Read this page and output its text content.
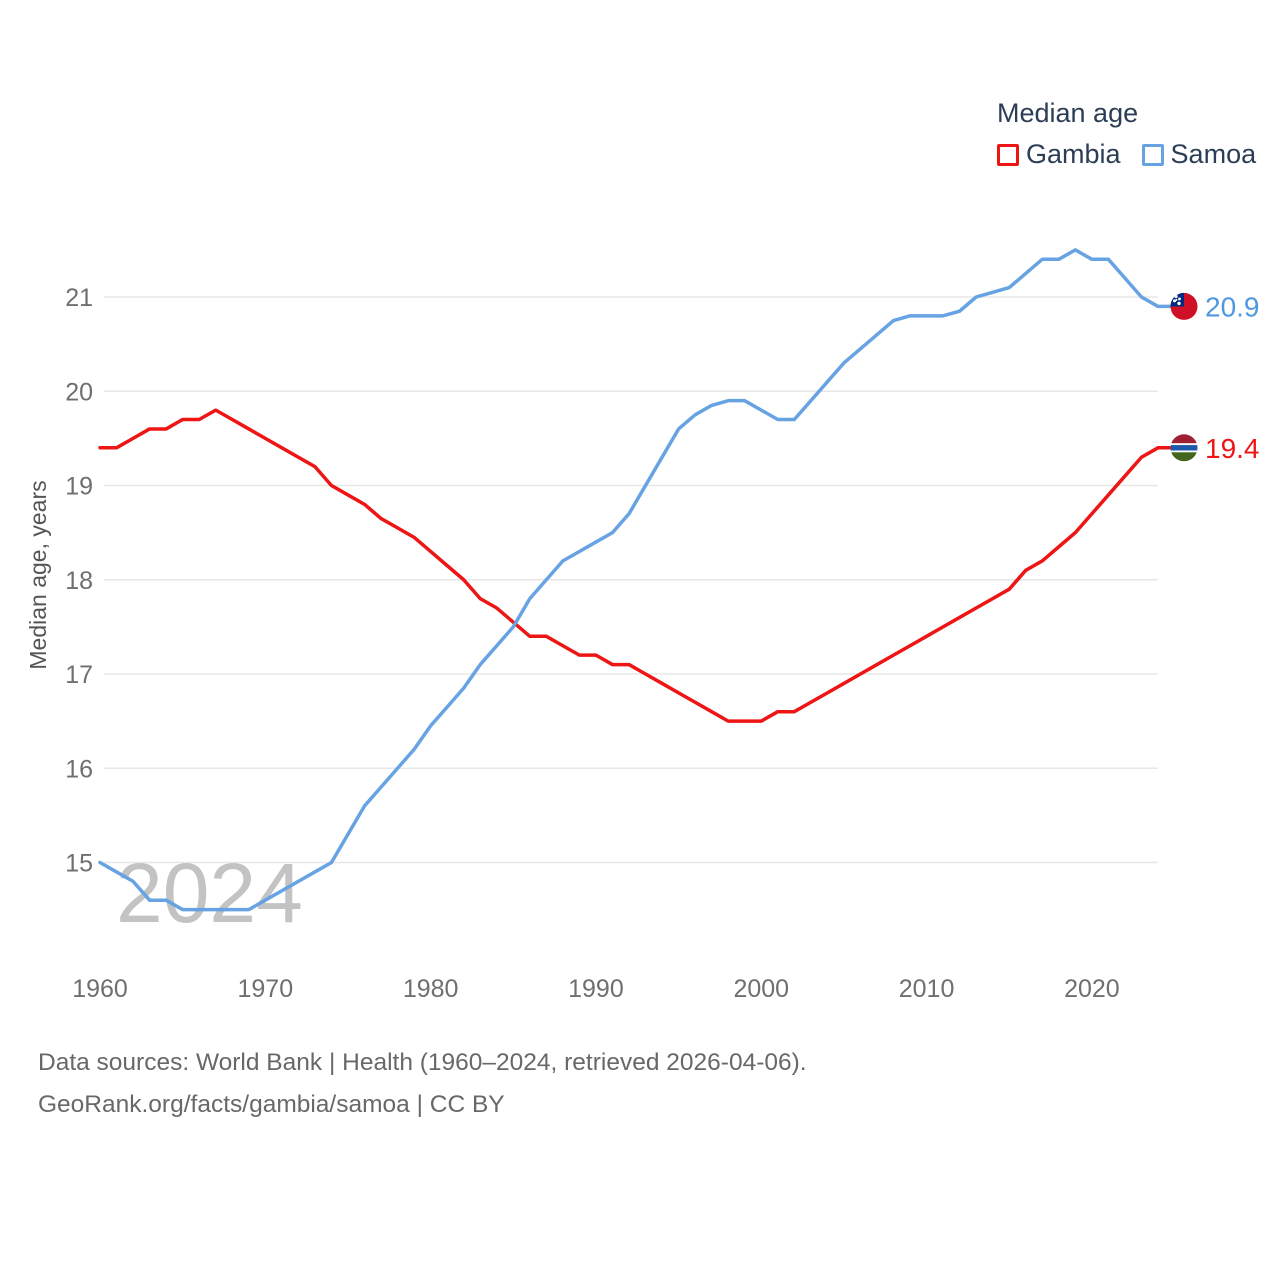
21
20
19
18
17
16
15 2024
1960	1970	1980	1990	2000	2010	2020
Median age, years
20.9
19.4
Median age
Gambia Samoa
Data sources: World Bank | Health (1960–2024, retrieved 2026-04-06).
GeoRank.org/facts/gambia/samoa | CC BY
